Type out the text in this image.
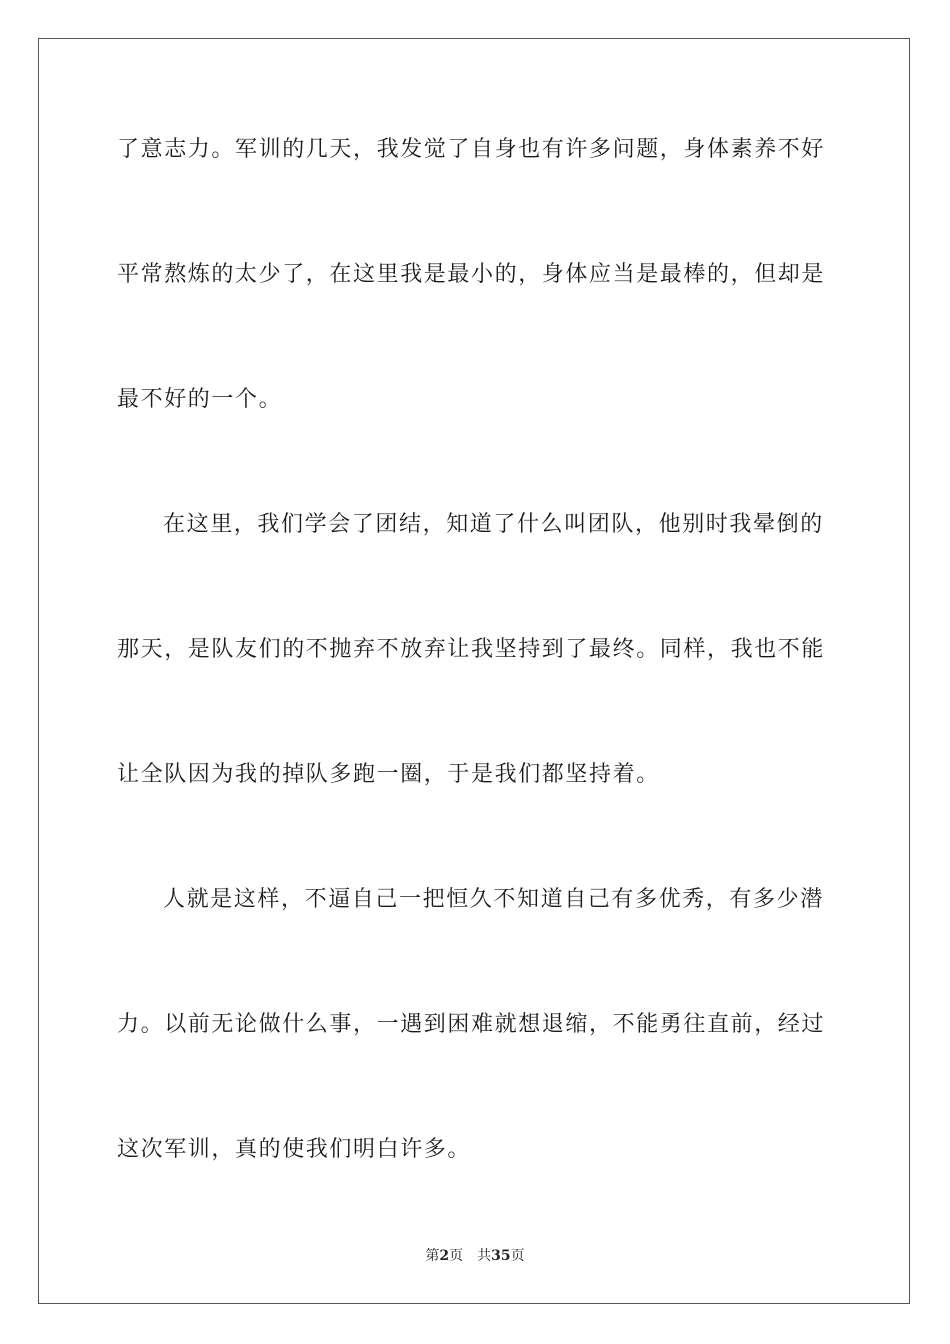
了意志力。军训的几天，我发觉了自身也有许多问题，身体素养不好
平常熬炼的太少了，在这里我是最小的，身体应当是最棒的，但却是
最不好的一个。
在这里，我们学会了团结，知道了什么叫团队，他别时我晕倒的
那天，是队友们的不抛弃不放弃让我坚持到了最终。同样，我也不能
让全队因为我的掉队多跑一圈，于是我们都坚持着。
人就是这样，不逼自己一把恒久不知道自己有多优秀，有多少潜
力。以前无论做什么事，一遇到困难就想退缩，不能勇往直前，经过
这次军训，真的使我们明白许多。
第2页 共35页
